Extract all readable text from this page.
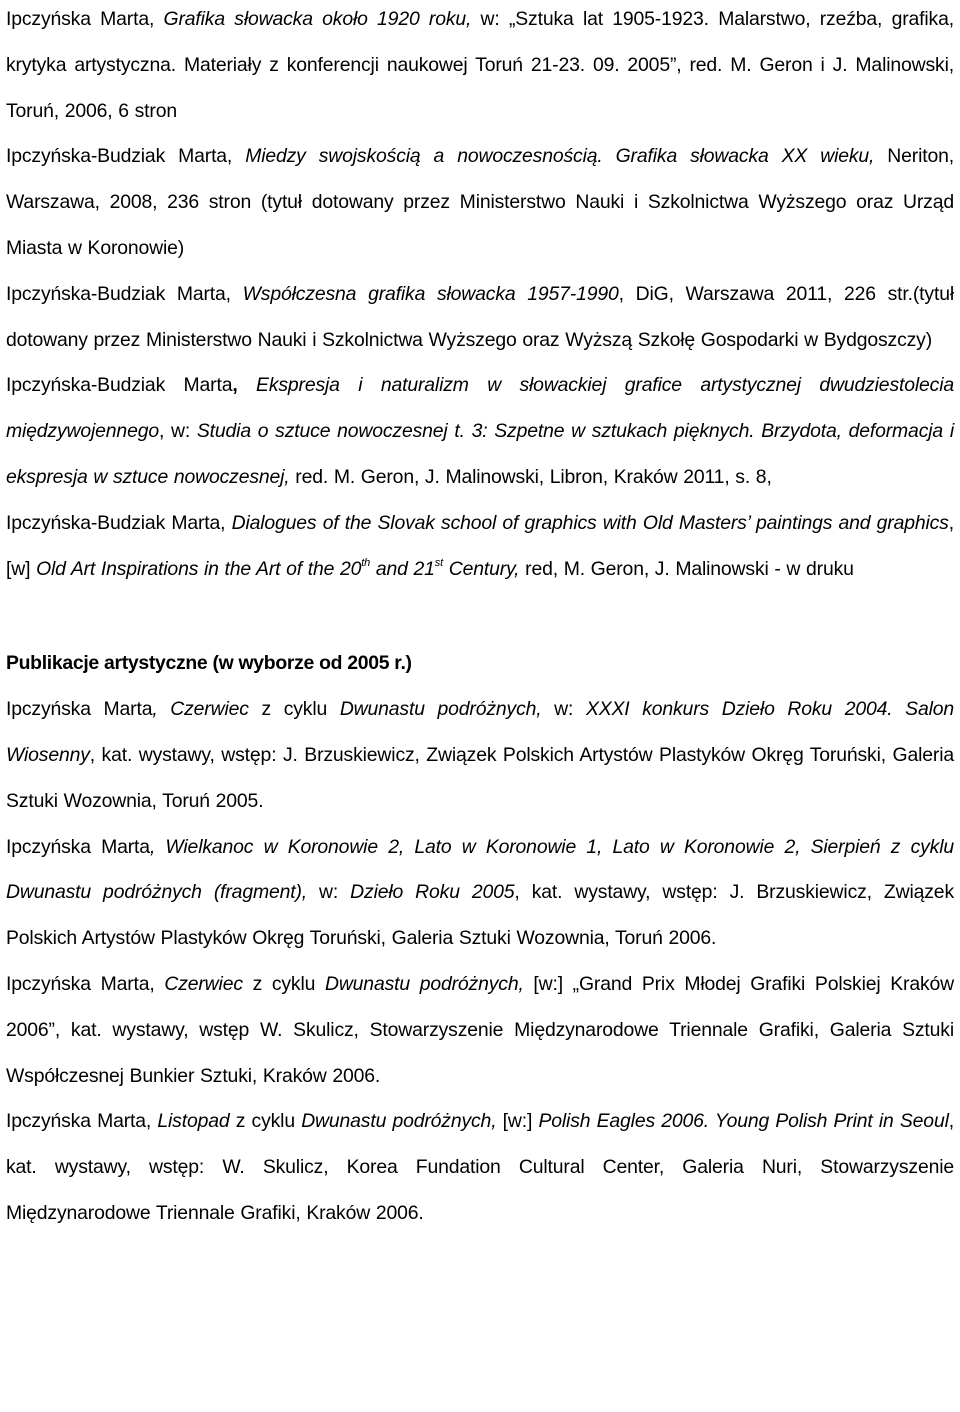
Ipczyńska Marta, Grafika słowacka około 1920 roku, w: „Sztuka lat 1905-1923. Malarstwo, rzeźba, grafika, krytyka artystyczna. Materiały z konferencji naukowej Toruń 21-23. 09. 2005”, red. M. Geron i J. Malinowski, Toruń, 2006, 6 stron

Ipczyńska-Budziak Marta, Miedzy swojskością a nowoczesnością. Grafika słowacka XX wieku, Neriton, Warszawa, 2008, 236 stron (tytuł dotowany przez Ministerstwo Nauki i Szkolnictwa Wyższego oraz Urząd Miasta w Koronowie)

Ipczyńska-Budziak Marta, Współczesna grafika słowacka 1957-1990, DiG, Warszawa 2011, 226 str.(tytuł dotowany przez Ministerstwo Nauki i Szkolnictwa Wyższego oraz Wyższą Szkołę Gospodarki w Bydgoszczy)

Ipczyńska-Budziak Marta, Ekspresja i naturalizm w słowackiej grafice artystycznej dwudziestolecia międzywojennego, w: Studia o sztuce nowoczesnej t. 3: Szpetne w sztukach pięknych. Brzydota, deformacja i ekspresja w sztuce nowoczesnej, red. M. Geron, J. Malinowski, Libron, Kraków 2011, s. 8,

Ipczyńska-Budziak Marta, Dialogues of the Slovak school of graphics with Old Masters’ paintings and graphics, [w] Old Art Inspirations in the Art of the 20th and 21st Century, red, M. Geron, J. Malinowski - w druku

Publikacje artystyczne (w wyborze od 2005 r.)

Ipczyńska Marta, Czerwiec z cyklu Dwunastu podróżnych, w: XXXI konkurs Dzieło Roku 2004. Salon Wiosenny, kat. wystawy, wstęp: J. Brzuskiewicz, Związek Polskich Artystów Plastyków Okręg Toruński, Galeria Sztuki Wozownia, Toruń 2005.

Ipczyńska Marta, Wielkanoc w Koronowie 2, Lato w Koronowie 1, Lato w Koronowie 2, Sierpień z cyklu Dwunastu podróżnych (fragment), w: Dzieło Roku 2005, kat. wystawy, wstęp: J. Brzuskiewicz, Związek Polskich Artystów Plastyków Okręg Toruński, Galeria Sztuki Wozownia, Toruń 2006.

Ipczyńska Marta, Czerwiec z cyklu Dwunastu podróżnych, [w:] „Grand Prix Młodej Grafiki Polskiej Kraków 2006”, kat. wystawy, wstęp W. Skulicz, Stowarzyszenie Międzynarodowe Triennale Grafiki, Galeria Sztuki Współczesnej Bunkier Sztuki, Kraków 2006.

Ipczyńska Marta, Listopad z cyklu Dwunastu podróżnych, [w:] Polish Eagles 2006. Young Polish Print in Seoul, kat. wystawy, wstęp: W. Skulicz, Korea Fundation Cultural Center, Galeria Nuri, Stowarzyszenie Międzynarodowe Triennale Grafiki, Kraków 2006.
